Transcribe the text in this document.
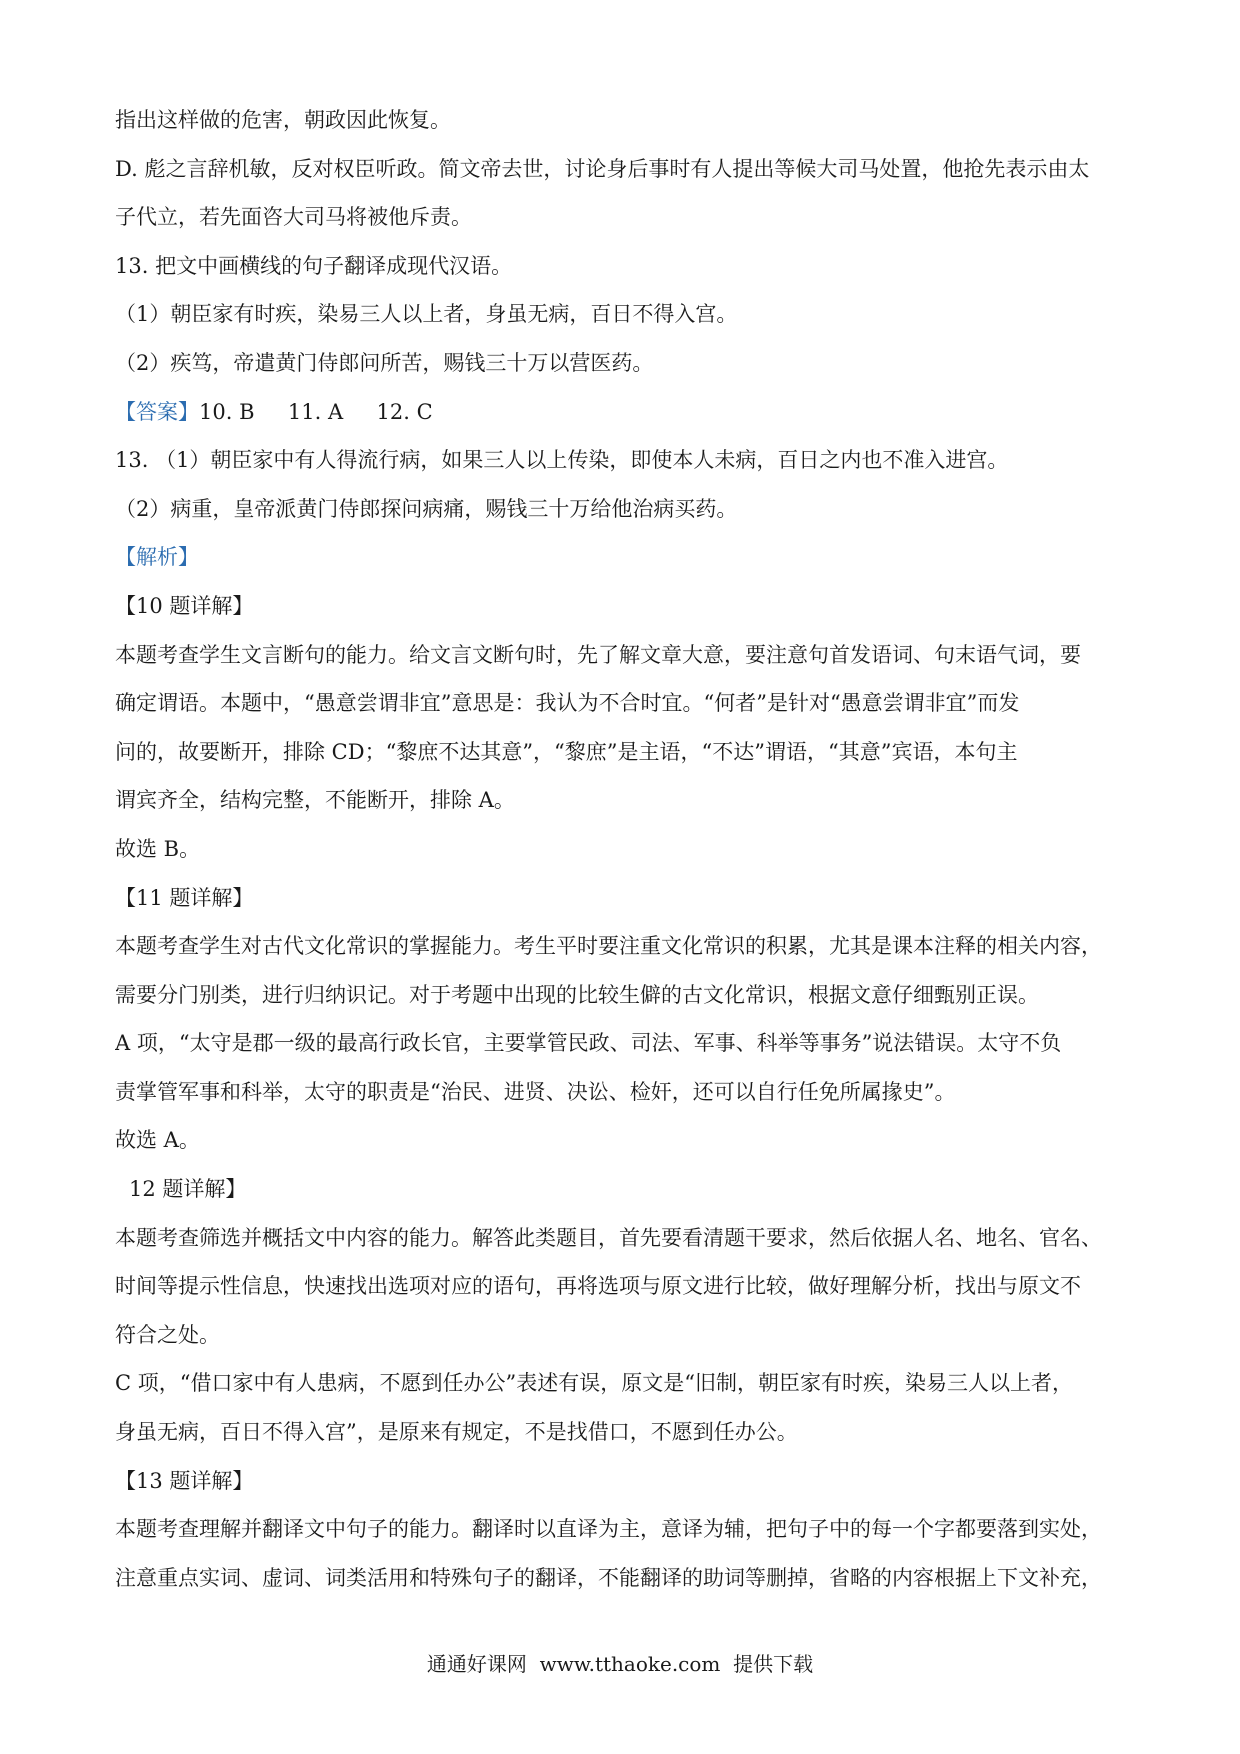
指出这样做的危害，朝政因此恢复。
D. 彪之言辞机敏，反对权臣听政。简文帝去世，讨论身后事时有人提出等候大司马处置，他抢先表示由太
子代立，若先面咨大司马将被他斥责。
13. 把文中画横线的句子翻译成现代汉语。
（1）朝臣家有时疾，染易三人以上者，身虽无病，百日不得入宫。
（2）疾笃，帝遣黄门侍郎问所苦，赐钱三十万以营医药。
【答案】10. B     11. A     12. C
13. （1）朝臣家中有人得流行病，如果三人以上传染，即使本人未病，百日之内也不准入进宫。
（2）病重，皇帝派黄门侍郎探问病痛，赐钱三十万给他治病买药。
【解析】
【10 题详解】
本题考查学生文言断句的能力。给文言文断句时，先了解文章大意，要注意句首发语词、句末语气词，要
确定谓语。本题中，“愚意尝谓非宜”意思是：我认为不合时宜。“何者”是针对“愚意尝谓非宜”而发
问的，故要断开，排除 CD；“黎庶不达其意”，“黎庶”是主语，“不达”谓语，“其意”宾语，本句主
谓宾齐全，结构完整，不能断开，排除 A。
故选 B。
【11 题详解】
本题考查学生对古代文化常识的掌握能力。考生平时要注重文化常识的积累，尤其是课本注释的相关内容，
需要分门别类，进行归纳识记。对于考题中出现的比较生僻的古文化常识，根据文意仔细甄别正误。
A 项，“太守是郡一级的最高行政长官，主要掌管民政、司法、军事、科举等事务”说法错误。太守不负
责掌管军事和科举，太守的职责是“治民、进贤、决讼、检奸，还可以自行任免所属掾史”。
故选 A。
12 题详解】
本题考查筛选并概括文中内容的能力。解答此类题目，首先要看清题干要求，然后依据人名、地名、官名、
时间等提示性信息，快速找出选项对应的语句，再将选项与原文进行比较，做好理解分析，找出与原文不
符合之处。
C 项，“借口家中有人患病，不愿到任办公”表述有误，原文是“旧制，朝臣家有时疾，染易三人以上者，
身虽无病，百日不得入宫”，是原来有规定，不是找借口，不愿到任办公。
【13 题详解】
本题考查理解并翻译文中句子的能力。翻译时以直译为主，意译为辅，把句子中的每一个字都要落到实处，
注意重点实词、虚词、词类活用和特殊句子的翻译，不能翻译的助词等删掉，省略的内容根据上下文补充，
通通好课网  www.tthaoke.com  提供下载
